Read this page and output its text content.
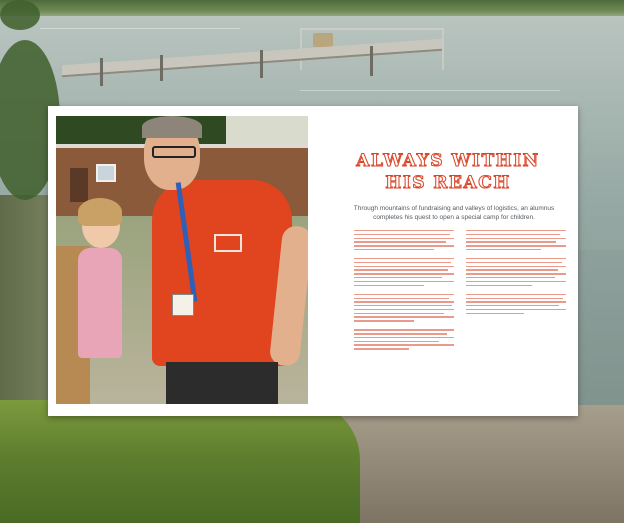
ALWAYS WITHIN
HIS REACH
Through mountains of fundraising and valleys of logistics, an alumnus completes his quest to open a special camp for children.
